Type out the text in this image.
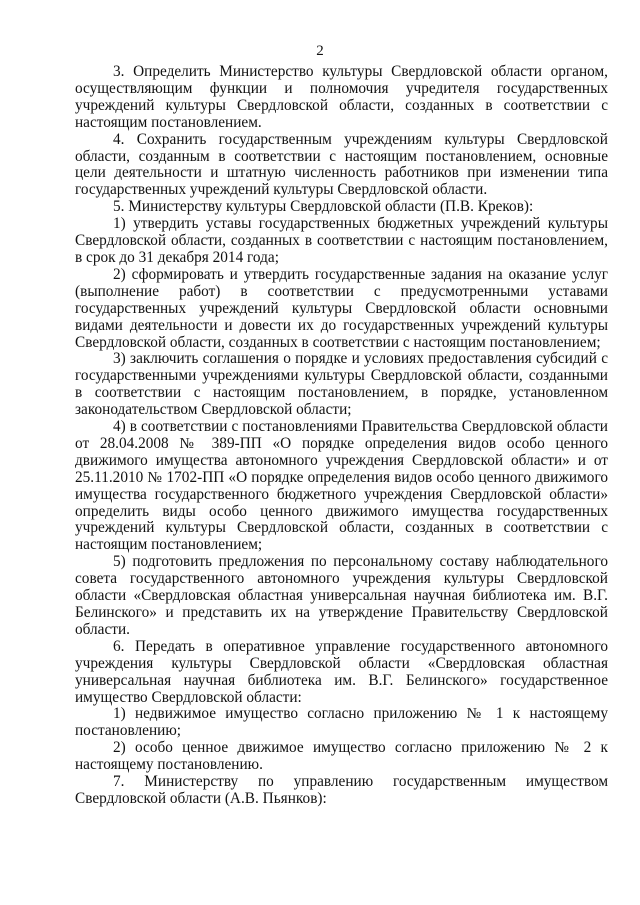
2

3. Определить Министерство культуры Свердловской области органом, осуществляющим функции и полномочия учредителя государственных учреждений культуры Свердловской области, созданных в соответствии с настоящим постановлением.

4. Сохранить государственным учреждениям культуры Свердловской области, созданным в соответствии с настоящим постановлением, основные цели деятельности и штатную численность работников при изменении типа государственных учреждений культуры Свердловской области.

5. Министерству культуры Свердловской области (П.В. Креков):

1) утвердить уставы государственных бюджетных учреждений культуры Свердловской области, созданных в соответствии с настоящим постановлением, в срок до 31 декабря 2014 года;

2) сформировать и утвердить государственные задания на оказание услуг (выполнение работ) в соответствии с предусмотренными уставами государственных учреждений культуры Свердловской области основными видами деятельности и довести их до государственных учреждений культуры Свердловской области, созданных в соответствии с настоящим постановлением;

3) заключить соглашения о порядке и условиях предоставления субсидий с государственными учреждениями культуры Свердловской области, созданными в соответствии с настоящим постановлением, в порядке, установленном законодательством Свердловской области;

4) в соответствии с постановлениями Правительства Свердловской области от 28.04.2008 № 389-ПП «О порядке определения видов особо ценного движимого имущества автономного учреждения Свердловской области» и от 25.11.2010 № 1702-ПП «О порядке определения видов особо ценного движимого имущества государственного бюджетного учреждения Свердловской области» определить виды особо ценного движимого имущества государственных учреждений культуры Свердловской области, созданных в соответствии с настоящим постановлением;

5) подготовить предложения по персональному составу наблюдательного совета государственного автономного учреждения культуры Свердловской области «Свердловская областная универсальная научная библиотека им. В.Г. Белинского» и представить их на утверждение Правительству Свердловской области.

6. Передать в оперативное управление государственного автономного учреждения культуры Свердловской области «Свердловская областная универсальная научная библиотека им. В.Г. Белинского» государственное имущество Свердловской области:

1) недвижимое имущество согласно приложению № 1 к настоящему постановлению;

2) особо ценное движимое имущество согласно приложению № 2 к настоящему постановлению.

7. Министерству по управлению государственным имуществом Свердловской области (А.В. Пьянков):
